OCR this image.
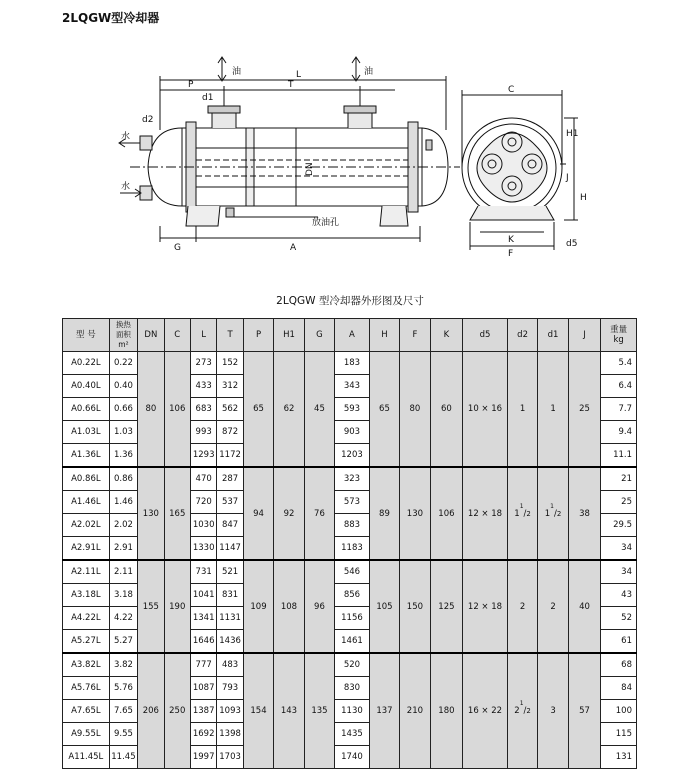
2LQGW型冷却器
油	油
水
水
放油孔
L
P	T
d1
d2
DN
G	A
C
H1
H
J
K
F
d5
2LQGW 型冷却器外形图及尺寸
型 号	换热
面积
m²	DN	C	L	T	P	H1	G	A	H	F	K	d5	d2	d1	J	重量
kg
A0.22L	0.22	80	106	273	152	65	62	45	183	65	80	60	10 × 16	1	1	25	5.4
A0.40L	0.40			433	312				343								6.4
A0.66L	0.66			683	562				593								7.7
A1.03L	1.03			993	872				903								9.4
A1.36L	1.36			1293	1172				1203								11.1
A0.86L	0.86	130	165	470	287	94	92	76	323	89	130	106	12 × 18	$1^1/2$	$1^1/2$	38	21
A1.46L	1.46			720	537				573								25
A2.02L	2.02			1030	847				883								29.5
A2.91L	2.91			1330	1147				1183								34
A2.11L	2.11	155	190	731	521	109	108	96	546	105	150	125	12 × 18	2	2	40	34
A3.18L	3.18			1041	831				856								43
A4.22L	4.22			1341	1131				1156								52
A5.27L	5.27			1646	1436				1461								61
A3.82L	3.82	206	250	777	483	154	143	135	520	137	210	180	16 × 22	$2^1/2$	3	57	68
A5.76L	5.76			1087	793				830								84
A7.65L	7.65			1387	1093				1130								100
A9.55L	9.55			1692	1398				1435								115
A11.45L	11.45			1997	1703				1740								131
